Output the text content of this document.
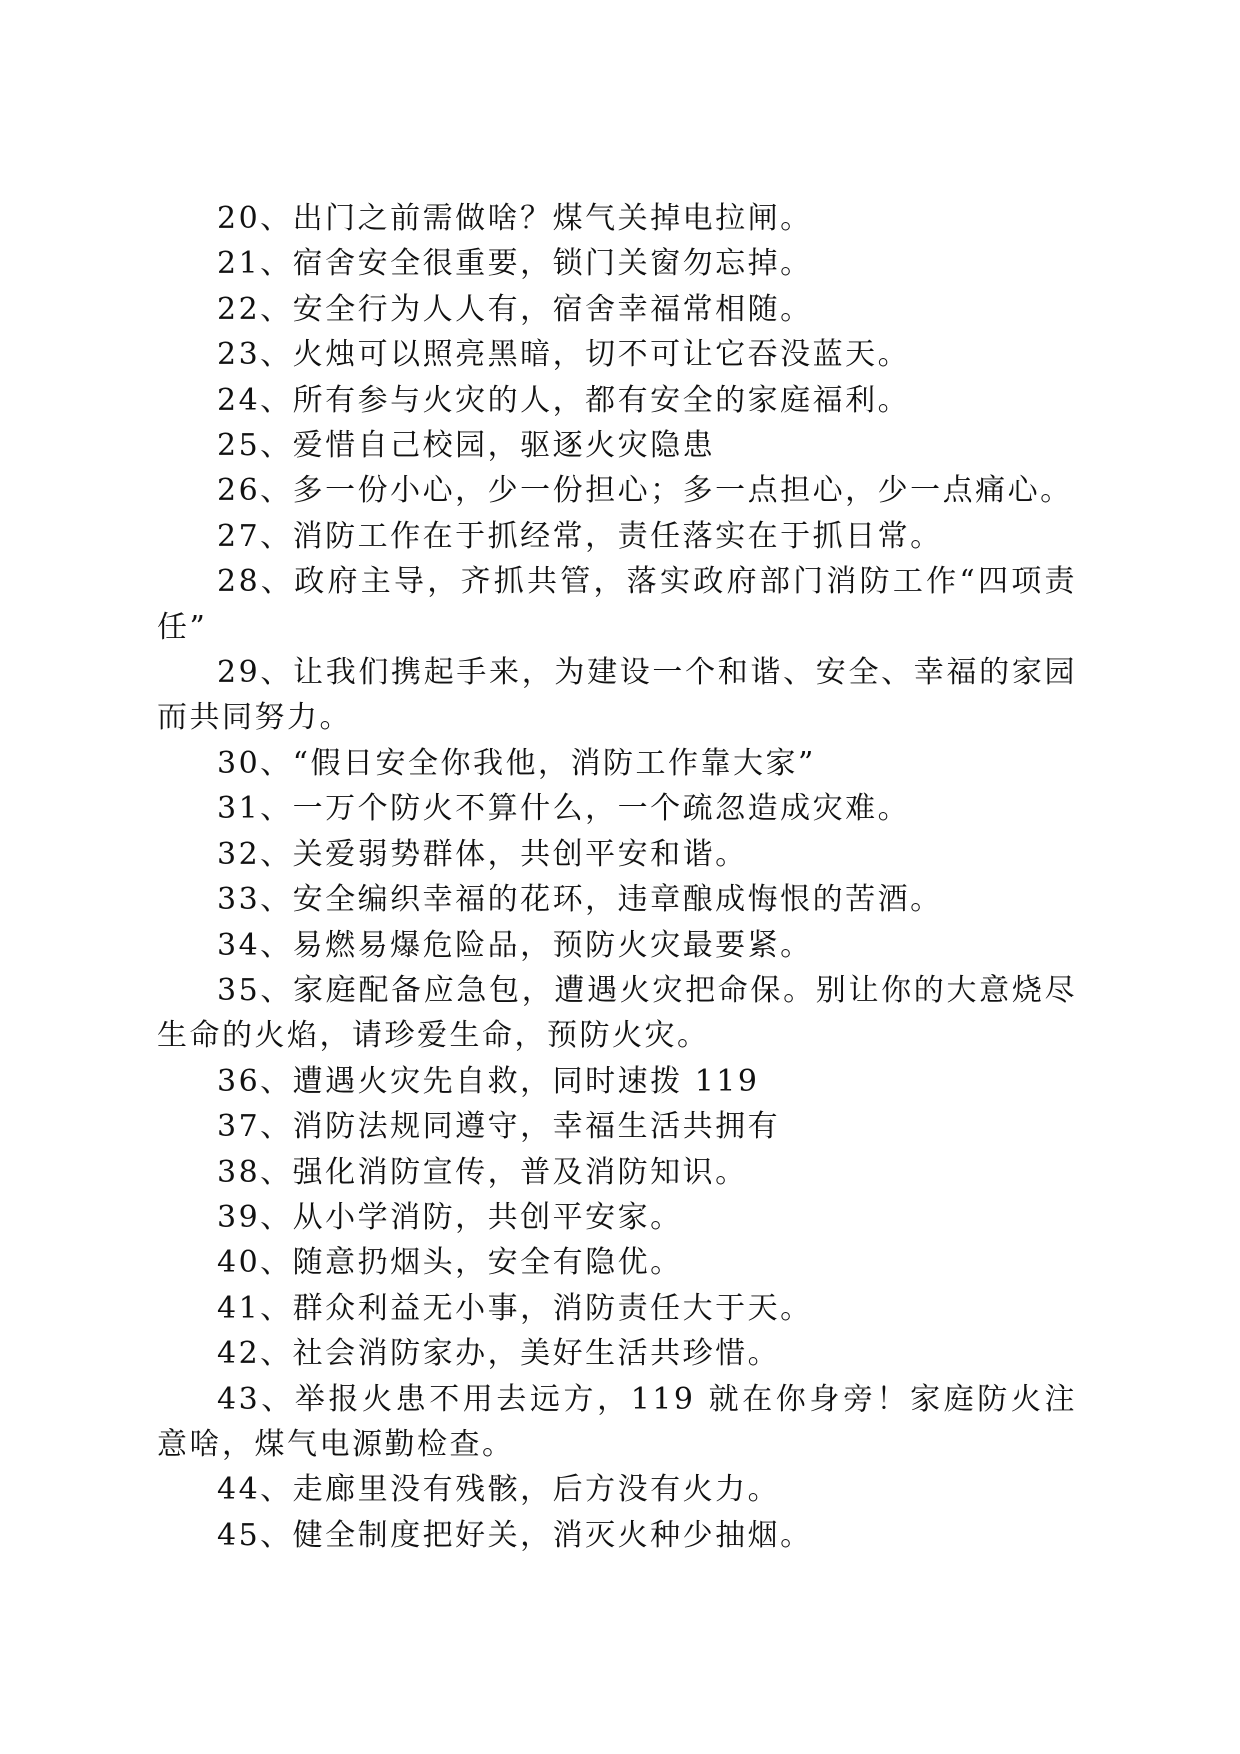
20、出门之前需做啥？煤气关掉电拉闸。

21、宿舍安全很重要，锁门关窗勿忘掉。

22、安全行为人人有，宿舍幸福常相随。

23、火烛可以照亮黑暗，切不可让它吞没蓝天。

24、所有参与火灾的人，都有安全的家庭福利。

25、爱惜自己校园，驱逐火灾隐患

26、多一份小心，少一份担心；多一点担心，少一点痛心。

27、消防工作在于抓经常，责任落实在于抓日常。

28、政府主导，齐抓共管，落实政府部门消防工作“四项责任”

29、让我们携起手来，为建设一个和谐、安全、幸福的家园而共同努力。

30、“假日安全你我他，消防工作靠大家”

31、一万个防火不算什么，一个疏忽造成灾难。

32、关爱弱势群体，共创平安和谐。

33、安全编织幸福的花环，违章酿成悔恨的苦酒。

34、易燃易爆危险品，预防火灾最要紧。

35、家庭配备应急包，遭遇火灾把命保。别让你的大意烧尽生命的火焰，请珍爱生命，预防火灾。

36、遭遇火灾先自救，同时速拨 119

37、消防法规同遵守，幸福生活共拥有

38、强化消防宣传，普及消防知识。

39、从小学消防，共创平安家。

40、随意扔烟头，安全有隐优。

41、群众利益无小事，消防责任大于天。

42、社会消防家办，美好生活共珍惜。

43、举报火患不用去远方，119 就在你身旁！家庭防火注意啥，煤气电源勤检查。

44、走廊里没有残骸，后方没有火力。

45、健全制度把好关，消灭火种少抽烟。
